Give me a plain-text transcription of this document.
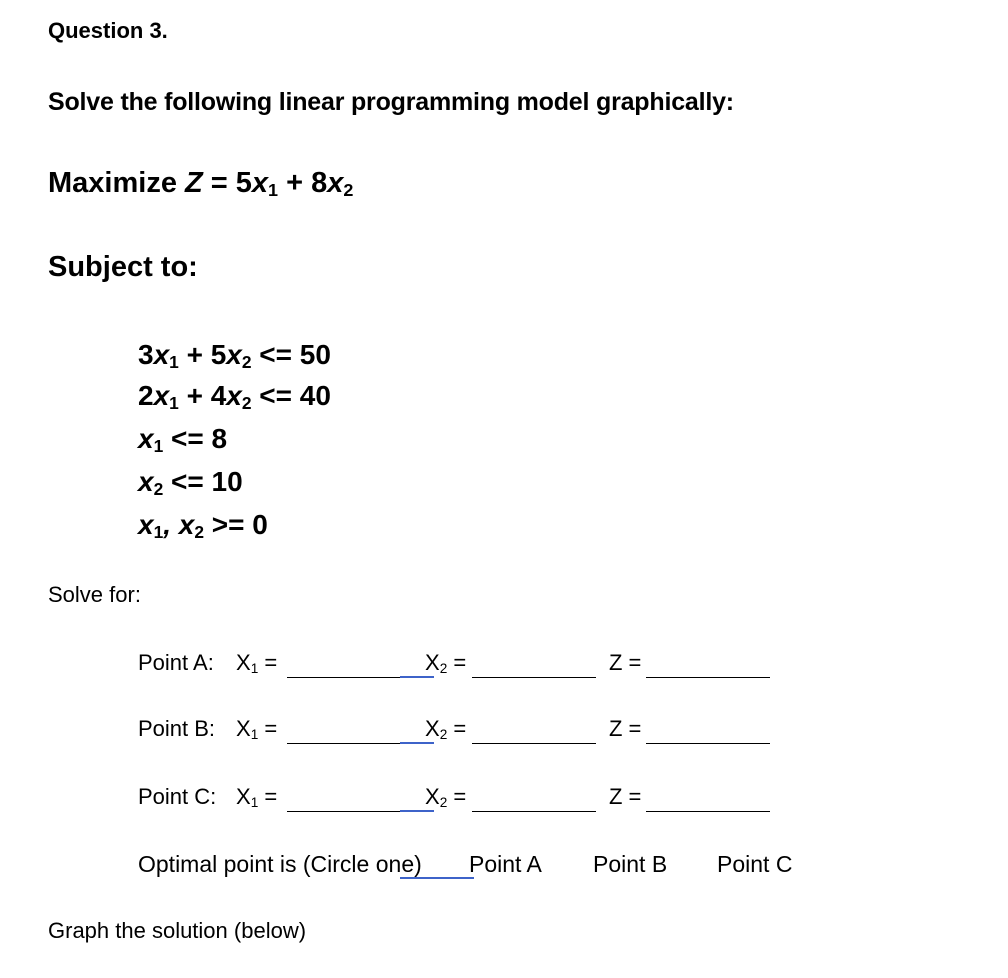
Question 3.
Solve the following linear programming model graphically:
Maximize $Z = 5x_1 + 8x_2$
Subject to:
$3x_1 + 5x_2 <= 50$
$2x_1 + 4x_2 <= 40$
$x_1 <= 8$
$x_2 <= 10$
$x_1$, $x_2 >= 0$
Solve for:
Point A: $X_1$ =	$X_2$ =	Z =
Point B: $X_1$ =	$X_2$ =	Z =
Point C: $X_1$ =	$X_2$ =	Z =
Optimal point is (Circle one) Point A Point B Point C
Graph the solution (below)
